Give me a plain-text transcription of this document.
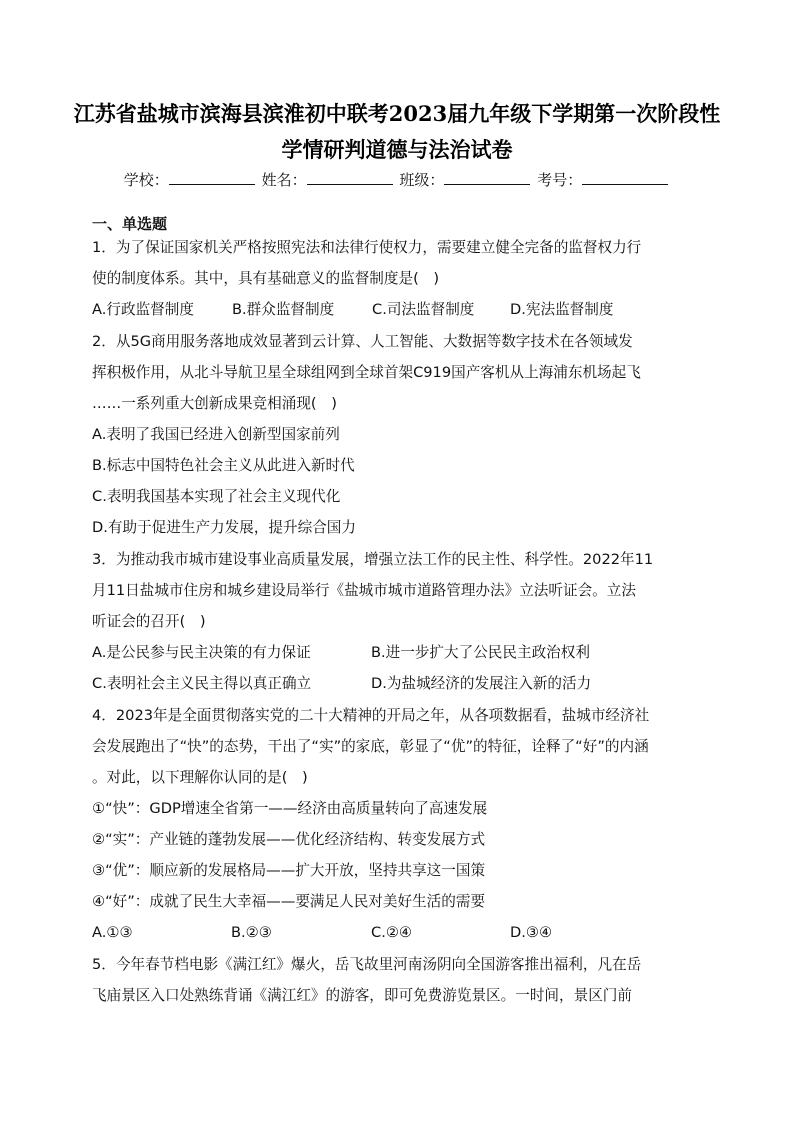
江苏省盐城市滨海县滨淮初中联考2023届九年级下学期第一次阶段性
学情研判道德与法治试卷
学校：	姓名：	班级：	考号：
一、单选题
1．为了保证国家机关严格按照宪法和法律行使权力，需要建立健全完备的监督权力行
使的制度体系。其中，具有基础意义的监督制度是(　)
A.行政监督制度	B.群众监督制度	C.司法监督制度 D.宪法监督制度
2．从5G商用服务落地成效显著到云计算、人工智能、大数据等数字技术在各领域发
挥积极作用，从北斗导航卫星全球组网到全球首架C919国产客机从上海浦东机场起飞
……一系列重大创新成果竞相涌现(　)
A.表明了我国已经进入创新型国家前列
B.标志中国特色社会主义从此进入新时代
C.表明我国基本实现了社会主义现代化
D.有助于促进生产力发展，提升综合国力
3．为推动我市城市建设事业高质量发展，增强立法工作的民主性、科学性。2022年11
月11日盐城市住房和城乡建设局举行《盐城市城市道路管理办法》立法听证会。立法
听证会的召开(　)
A.是公民参与民主决策的有力保证	B.进一步扩大了公民民主政治权利
C.表明社会主义民主得以真正确立	D.为盐城经济的发展注入新的活力
4．2023年是全面贯彻落实党的二十大精神的开局之年，从各项数据看，盐城市经济社
会发展跑出了“快”的态势，干出了“实”的家底，彰显了“优”的特征，诠释了“好”的内涵
。对此，以下理解你认同的是(　)
①“快”：GDP增速全省第一——经济由高质量转向了高速发展
②“实”：产业链的蓬勃发展——优化经济结构、转变发展方式
③“优”：顺应新的发展格局——扩大开放，坚持共享这一国策
④“好”：成就了民生大幸福——要满足人民对美好生活的需要
A.①③	B.②③	C.②④	D.③④
5．今年春节档电影《满江红》爆火，岳飞故里河南汤阴向全国游客推出福利，凡在岳
飞庙景区入口处熟练背诵《满江红》的游客，即可免费游览景区。一时间，景区门前
